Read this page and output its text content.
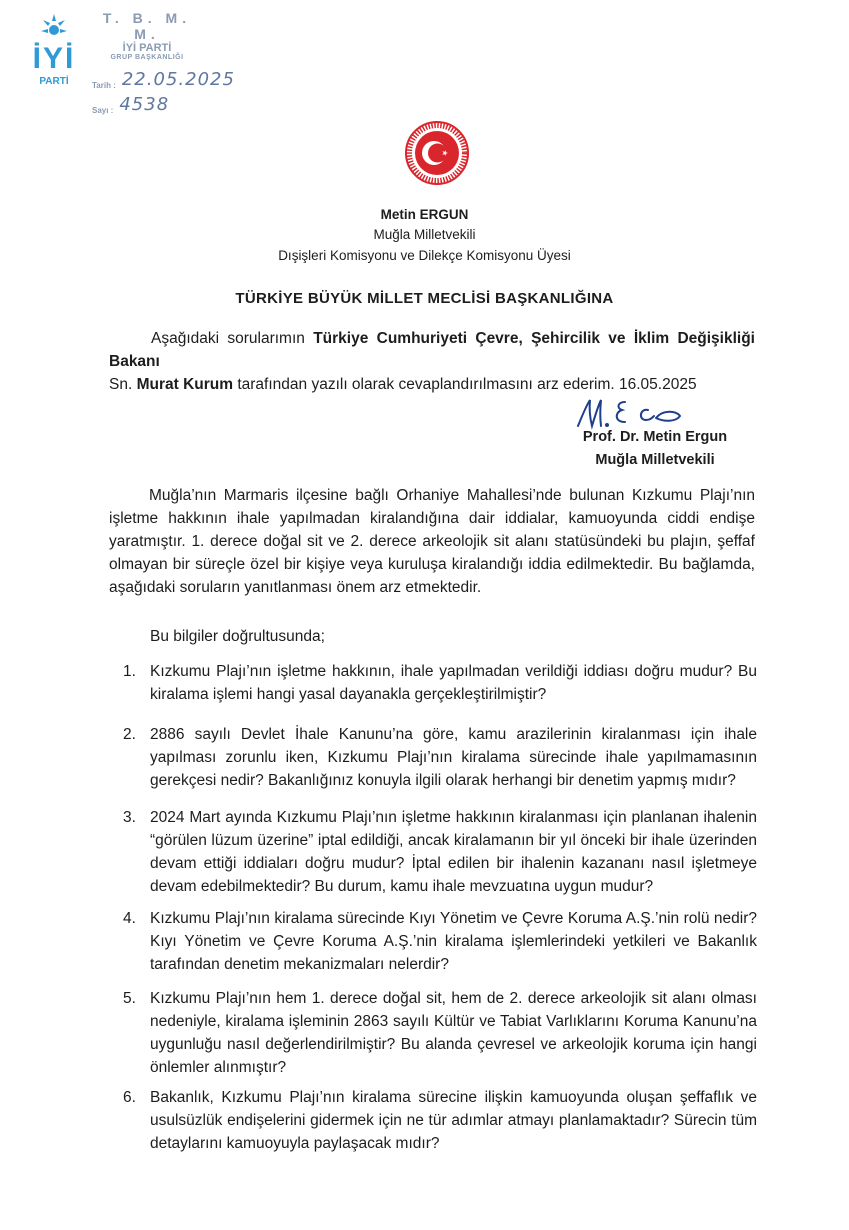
İYİ
PARTİ
T. B. M. M.
İYİ PARTİ
GRUP BAŞKANLIĞI
Tarih : 22.05.2025
Sayı : 4538
Metin ERGUN
Muğla Milletvekili
Dışişleri Komisyonu ve Dilekçe Komisyonu Üyesi
TÜRKİYE BÜYÜK MİLLET MECLİSİ BAŞKANLIĞINA
Aşağıdaki sorularımın Türkiye Cumhuriyeti Çevre, Şehircilik ve İklim Değişikliği Bakanı
Sn. Murat Kurum tarafından yazılı olarak cevaplandırılmasını arz ederim. 16.05.2025
Prof. Dr. Metin Ergun
Muğla Milletvekili
Muğla’nın Marmaris ilçesine bağlı Orhaniye Mahallesi’nde bulunan Kızkumu Plajı’nın işletme hakkının ihale yapılmadan kiralandığına dair iddialar, kamuoyunda ciddi endişe yaratmıştır. 1. derece doğal sit ve 2. derece arkeolojik sit alanı statüsündeki bu plajın, şeffaf olmayan bir süreçle özel bir kişiye veya kuruluşa kiralandığı iddia edilmektedir. Bu bağlamda, aşağıdaki soruların yanıtlanması önem arz etmektedir.
Bu bilgiler doğrultusunda;
1. Kızkumu Plajı’nın işletme hakkının, ihale yapılmadan verildiği iddiası doğru mudur? Bu kiralama işlemi hangi yasal dayanakla gerçekleştirilmiştir?
2. 2886 sayılı Devlet İhale Kanunu’na göre, kamu arazilerinin kiralanması için ihale yapılması zorunlu iken, Kızkumu Plajı’nın kiralama sürecinde ihale yapılmamasının gerekçesi nedir? Bakanlığınız konuyla ilgili olarak herhangi bir denetim yapmış mıdır?
3. 2024 Mart ayında Kızkumu Plajı’nın işletme hakkının kiralanması için planlanan ihalenin “görülen lüzum üzerine” iptal edildiği, ancak kiralamanın bir yıl önceki bir ihale üzerinden devam ettiği iddiaları doğru mudur? İptal edilen bir ihalenin kazananı nasıl işletmeye devam edebilmektedir? Bu durum, kamu ihale mevzuatına uygun mudur?
4. Kızkumu Plajı’nın kiralama sürecinde Kıyı Yönetim ve Çevre Koruma A.Ş.’nin rolü nedir? Kıyı Yönetim ve Çevre Koruma A.Ş.’nin kiralama işlemlerindeki yetkileri ve Bakanlık tarafından denetim mekanizmaları nelerdir?
5. Kızkumu Plajı’nın hem 1. derece doğal sit, hem de 2. derece arkeolojik sit alanı olması nedeniyle, kiralama işleminin 2863 sayılı Kültür ve Tabiat Varlıklarını Koruma Kanunu’na uygunluğu nasıl değerlendirilmiştir? Bu alanda çevresel ve arkeolojik koruma için hangi önlemler alınmıştır?
6. Bakanlık, Kızkumu Plajı’nın kiralama sürecine ilişkin kamuoyunda oluşan şeffaflık ve usulsüzlük endişelerini gidermek için ne tür adımlar atmayı planlamaktadır? Sürecin tüm detaylarını kamuoyuyla paylaşacak mıdır?
